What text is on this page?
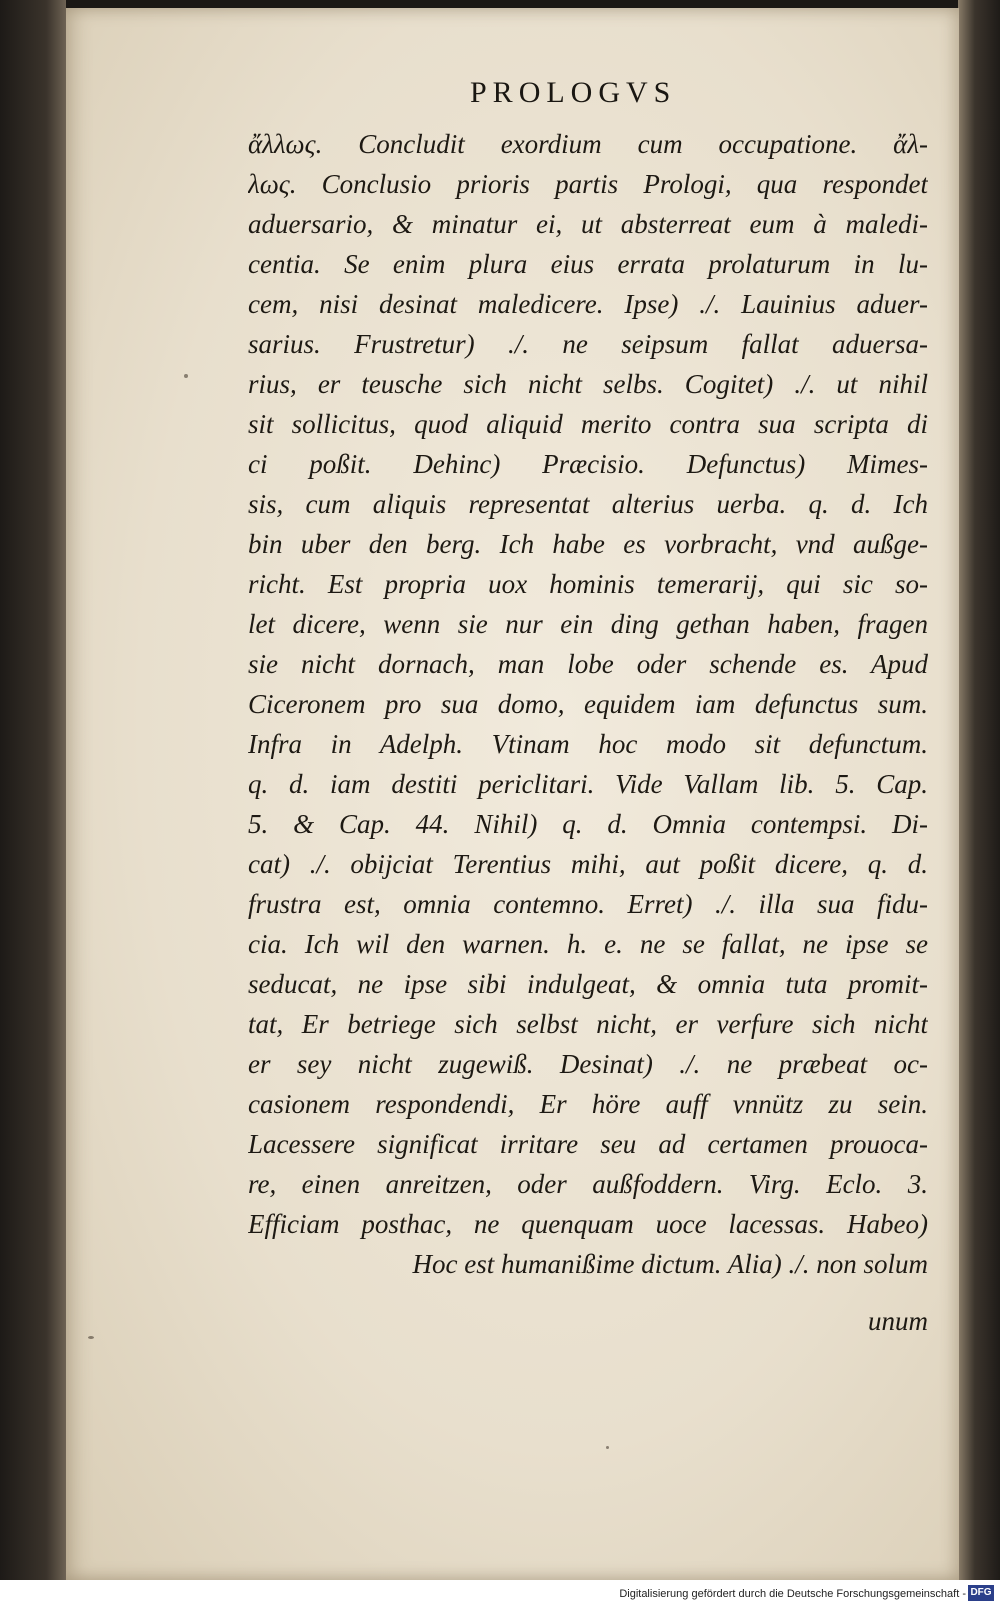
PROLOGVS
ἄλλως. Concludit exordium cum occupatione. ἄλ-
λως. Conclusio prioris partis Prologi, qua respondet
aduersario, & minatur ei, ut absterreat eum à maledi-
centia. Se enim plura eius errata prolaturum in lu-
cem, nisi desinat maledicere. Ipse) ./. Lauinius aduer-
sarius. Frustretur) ./. ne seipsum fallat aduersa-
rius, er teusche sich nicht selbs. Cogitet) ./. ut nihil
sit sollicitus, quod aliquid merito contra sua scripta di
ci poßit. Dehinc) Præcisio. Defunctus) Mimes-
sis, cum aliquis representat alterius uerba. q. d. Ich
bin uber den berg. Ich habe es vorbracht, vnd außge-
richt. Est propria uox hominis temerarij, qui sic so-
let dicere, wenn sie nur ein ding gethan haben, fragen
sie nicht dornach, man lobe oder schende es. Apud
Ciceronem pro sua domo, equidem iam defunctus sum.
Infra in Adelph. Vtinam hoc modo sit defunctum.
q. d. iam destiti periclitari. Vide Vallam lib. 5. Cap.
5. & Cap. 44. Nihil) q. d. Omnia contempsi. Di-
cat) ./. obijciat Terentius mihi, aut poßit dicere, q. d.
frustra est, omnia contemno. Erret) ./. illa sua fidu-
cia. Ich wil den warnen. h. e. ne se fallat, ne ipse se
seducat, ne ipse sibi indulgeat, & omnia tuta promit-
tat, Er betriege sich selbst nicht, er verfure sich nicht
er sey nicht zugewiß. Desinat) ./. ne præbeat oc-
casionem respondendi, Er höre auff vnnütz zu sein.
Lacessere significat irritare seu ad certamen prouoca-
re, einen anreitzen, oder außfoddern. Virg. Eclo. 3.
Efficiam posthac, ne quenquam uoce lacessas. Habeo)
Hoc est humanißime dictum. Alia) ./. non solum
unum
Digitalisierung gefördert durch die Deutsche Forschungsgemeinschaft - DFG
